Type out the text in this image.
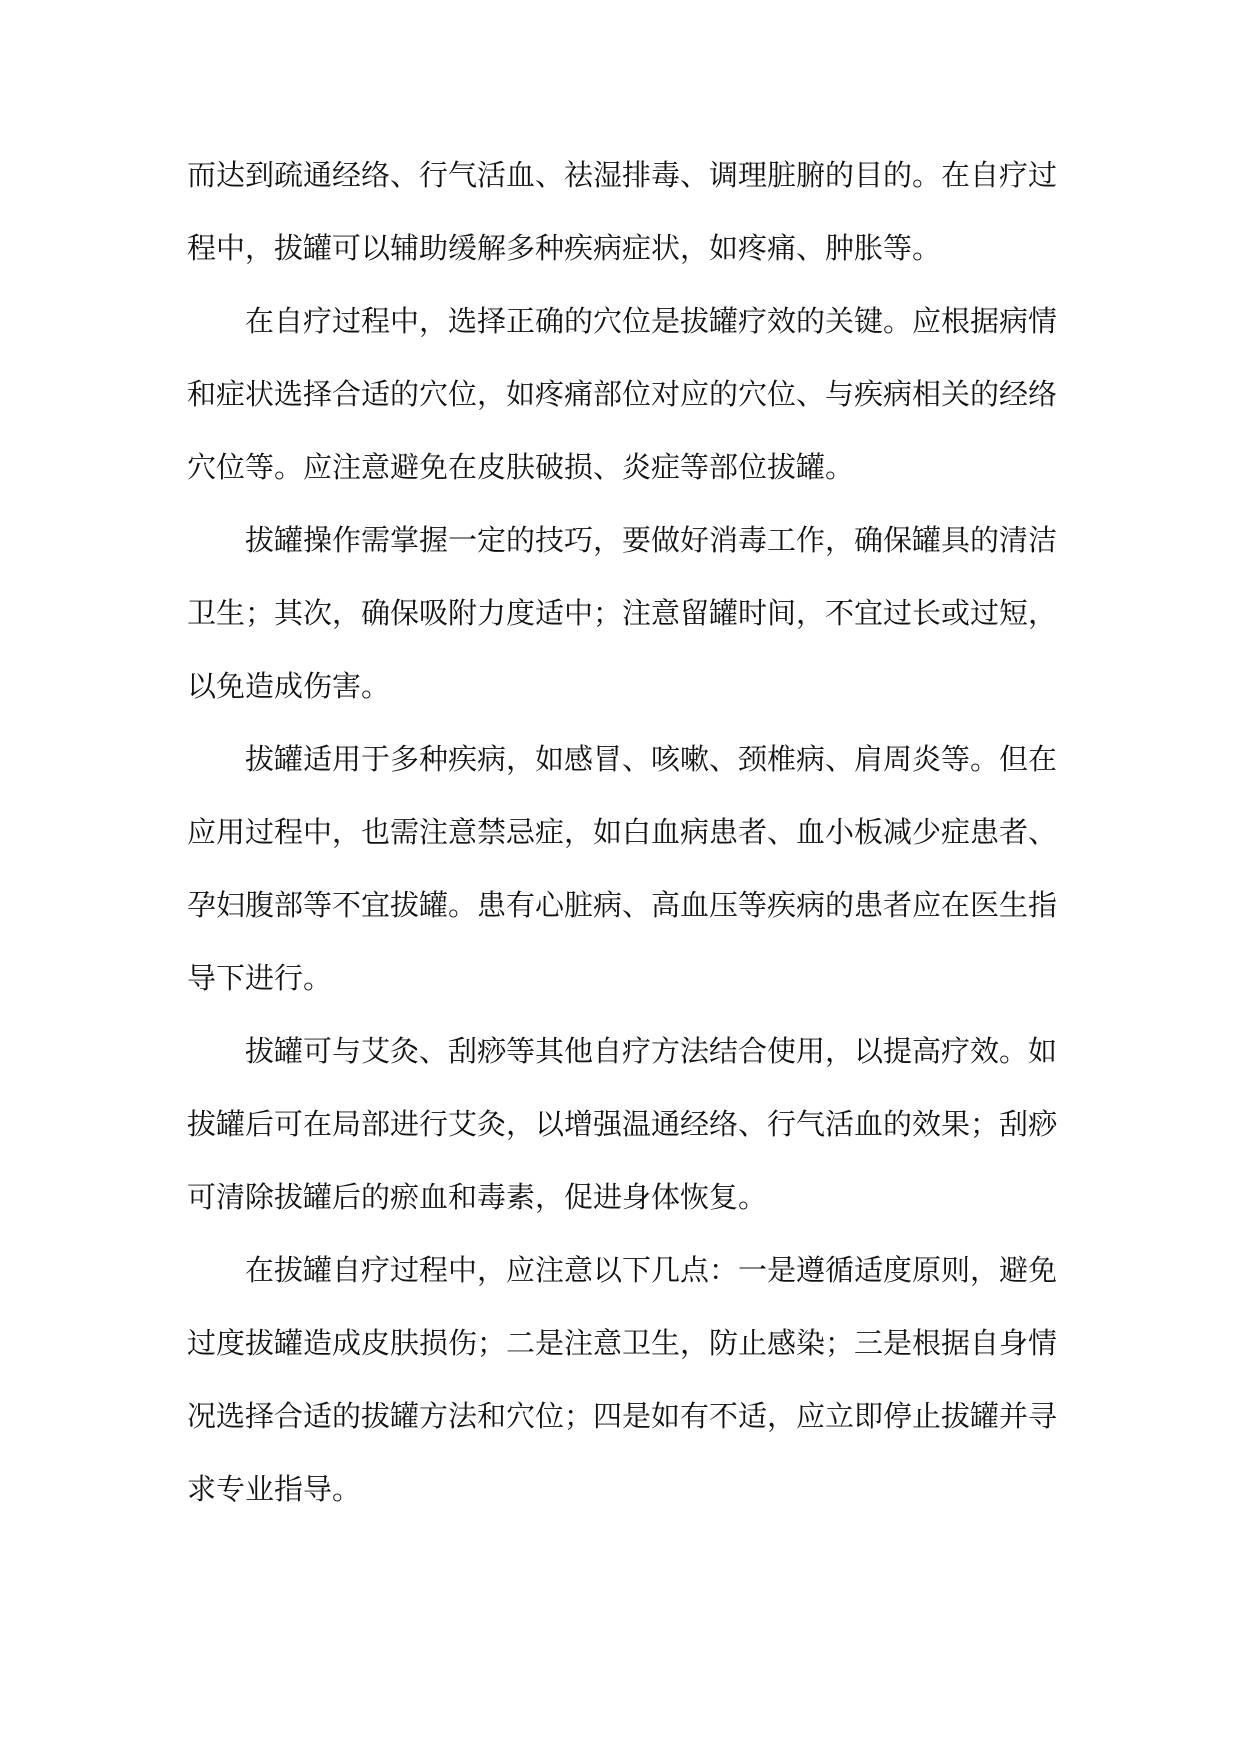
而达到疏通经络、行气活血、祛湿排毒、调理脏腑的目的。在自疗过程中，拔罐可以辅助缓解多种疾病症状，如疼痛、肿胀等。

在自疗过程中，选择正确的穴位是拔罐疗效的关键。应根据病情和症状选择合适的穴位，如疼痛部位对应的穴位、与疾病相关的经络穴位等。应注意避免在皮肤破损、炎症等部位拔罐。

拔罐操作需掌握一定的技巧，要做好消毒工作，确保罐具的清洁卫生；其次，确保吸附力度适中；注意留罐时间，不宜过长或过短，以免造成伤害。

拔罐适用于多种疾病，如感冒、咳嗽、颈椎病、肩周炎等。但在应用过程中，也需注意禁忌症，如白血病患者、血小板减少症患者、孕妇腹部等不宜拔罐。患有心脏病、高血压等疾病的患者应在医生指导下进行。

拔罐可与艾灸、刮痧等其他自疗方法结合使用，以提高疗效。如拔罐后可在局部进行艾灸，以增强温通经络、行气活血的效果；刮痧可清除拔罐后的瘀血和毒素，促进身体恢复。

在拔罐自疗过程中，应注意以下几点：一是遵循适度原则，避免过度拔罐造成皮肤损伤；二是注意卫生，防止感染；三是根据自身情况选择合适的拔罐方法和穴位；四是如有不适，应立即停止拔罐并寻求专业指导。
